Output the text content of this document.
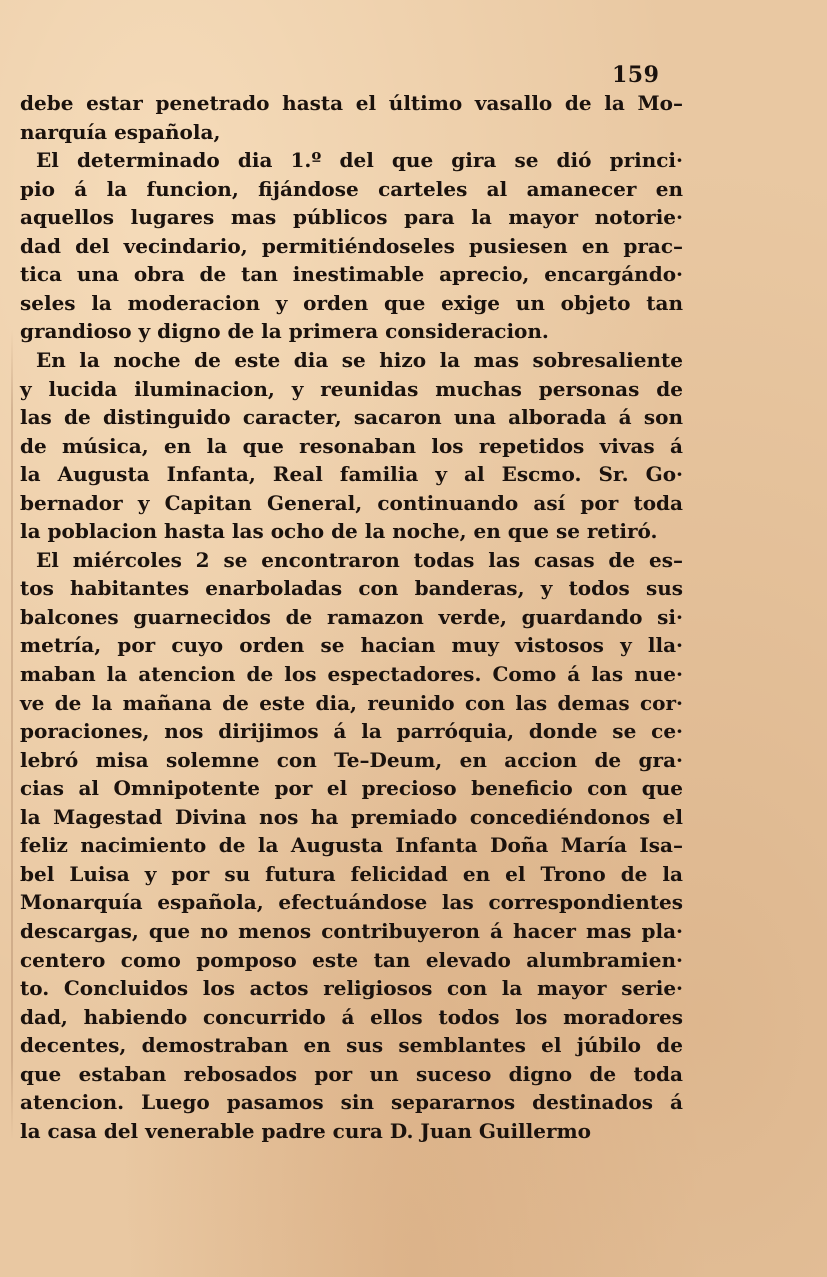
159
debe estar penetrado hasta el último vasallo de la Mo–
narquía española,
El determinado dia 1.º del que gira se dió princi·
pio á la funcion, fijándose carteles al amanecer en
aquellos lugares mas públicos para la mayor notorie·
dad del vecindario, permitiéndoseles pusiesen en prac–
tica una obra de tan inestimable aprecio, encargándo·
seles la moderacion y orden que exige un objeto tan
grandioso y digno de la primera consideracion.
En la noche de este dia se hizo la mas sobresaliente
y lucida iluminacion, y reunidas muchas personas de
las de distinguido caracter, sacaron una alborada á son
de música, en la que resonaban los repetidos vivas á
la Augusta Infanta, Real familia y al Escmo. Sr. Go·
bernador y Capitan General, continuando así por toda
la poblacion hasta las ocho de la noche, en que se retiró.
El miércoles 2 se encontraron todas las casas de es–
tos habitantes enarboladas con banderas, y todos sus
balcones guarnecidos de ramazon verde, guardando si·
metría, por cuyo orden se hacian muy vistosos y lla·
maban la atencion de los espectadores. Como á las nue·
ve de la mañana de este dia, reunido con las demas cor·
poraciones, nos dirijimos á la parróquia, donde se ce·
lebró misa solemne con Te–Deum, en accion de gra·
cias al Omnipotente por el precioso beneficio con que
la Magestad Divina nos ha premiado concediéndonos el
feliz nacimiento de la Augusta Infanta Doña María Isa–
bel Luisa y por su futura felicidad en el Trono de la
Monarquía española, efectuándose las correspondientes
descargas, que no menos contribuyeron á hacer mas pla·
centero como pomposo este tan elevado alumbramien·
to. Concluidos los actos religiosos con la mayor serie·
dad, habiendo concurrido á ellos todos los moradores
decentes, demostraban en sus semblantes el júbilo de
que estaban rebosados por un suceso digno de toda
atencion. Luego pasamos sin separarnos destinados á
la casa del venerable padre cura D. Juan Guillermo
